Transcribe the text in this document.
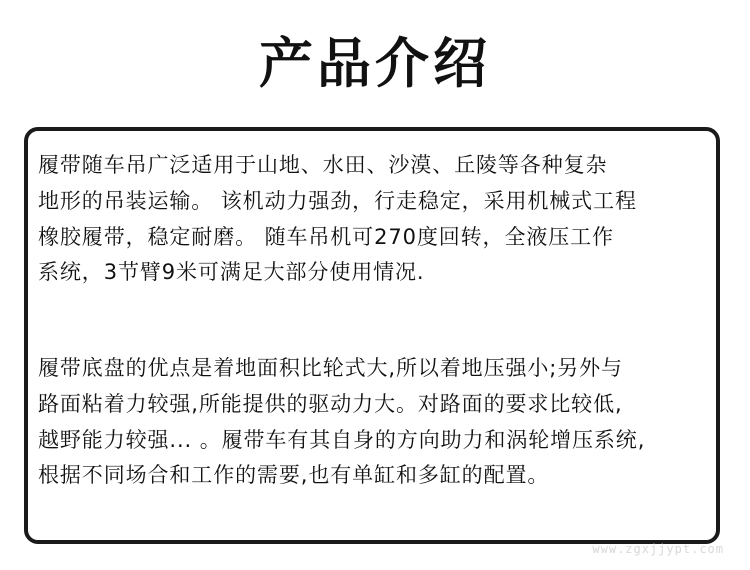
产品介绍

履带随车吊广泛适用于山地、水田、沙漠、丘陵等各种复杂
地形的吊装运输。 该机动力强劲，行走稳定，采用机械式工程
橡胶履带，稳定耐磨。 随车吊机可270度回转，全液压工作
系统，3节臂9米可满足大部分使用情况.

履带底盘的优点是着地面积比轮式大,所以着地压强小;另外与
路面粘着力较强,所能提供的驱动力大。对路面的要求比较低,
越野能力较强... 。履带车有其自身的方向助力和涡轮增压系统,
根据不同场合和工作的需要,也有单缸和多缸的配置。

www.zgxjjypt.com
